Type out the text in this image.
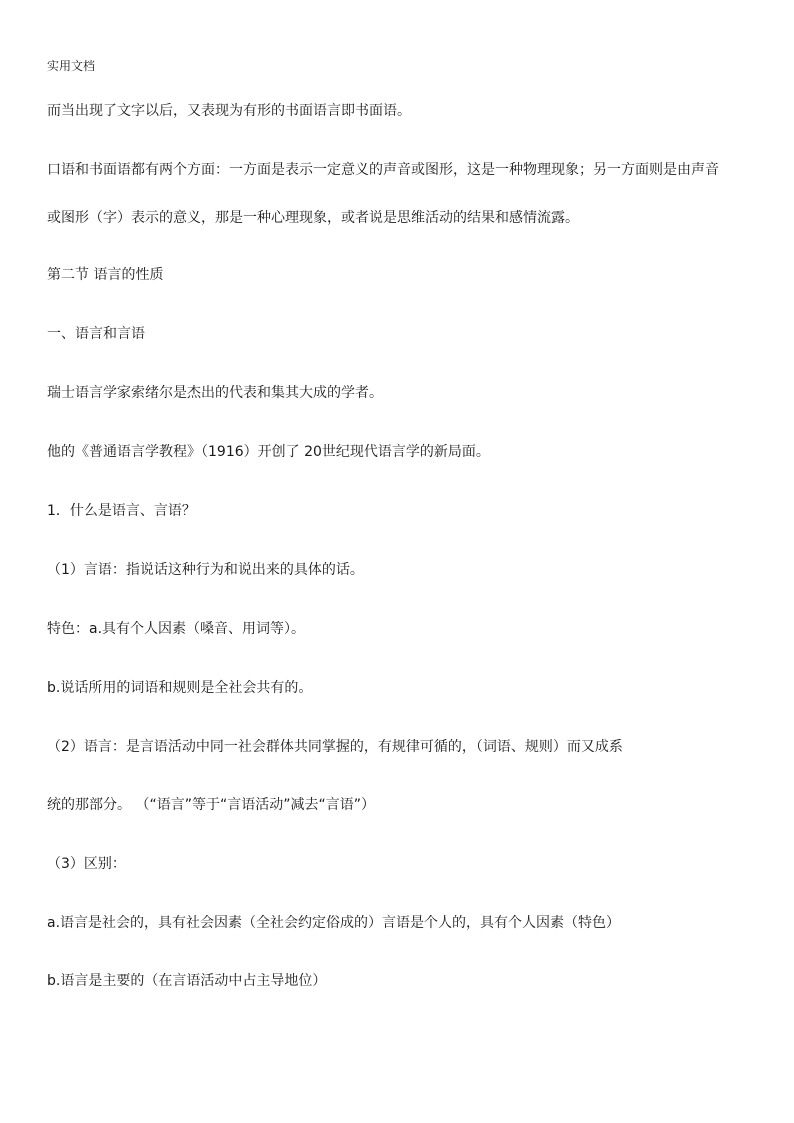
实用文档
而当出现了文字以后，又表现为有形的书面语言即书面语。
口语和书面语都有两个方面：一方面是表示一定意义的声音或图形，这是一种物理现象；另一方面则是由声音
或图形（字）表示的意义，那是一种心理现象，或者说是思维活动的结果和感情流露。
第二节 语言的性质
一、语言和言语
瑞士语言学家索绪尔是杰出的代表和集其大成的学者。
他的《普通语言学教程》（1916）开创了 20世纪现代语言学的新局面。
1．什么是语言、言语？
（1）言语：指说话这种行为和说出来的具体的话。
特色：a.具有个人因素（嗓音、用词等）。
b.说话所用的词语和规则是全社会共有的。
（2）语言：是言语活动中同一社会群体共同掌握的，有规律可循的，（词语、规则）而又成系
统的那部分。 （“语言”等于“言语活动”减去“言语”）
（3）区别：
a.语言是社会的，具有社会因素（全社会约定俗成的）言语是个人的，具有个人因素（特色）
b.语言是主要的（在言语活动中占主导地位）
